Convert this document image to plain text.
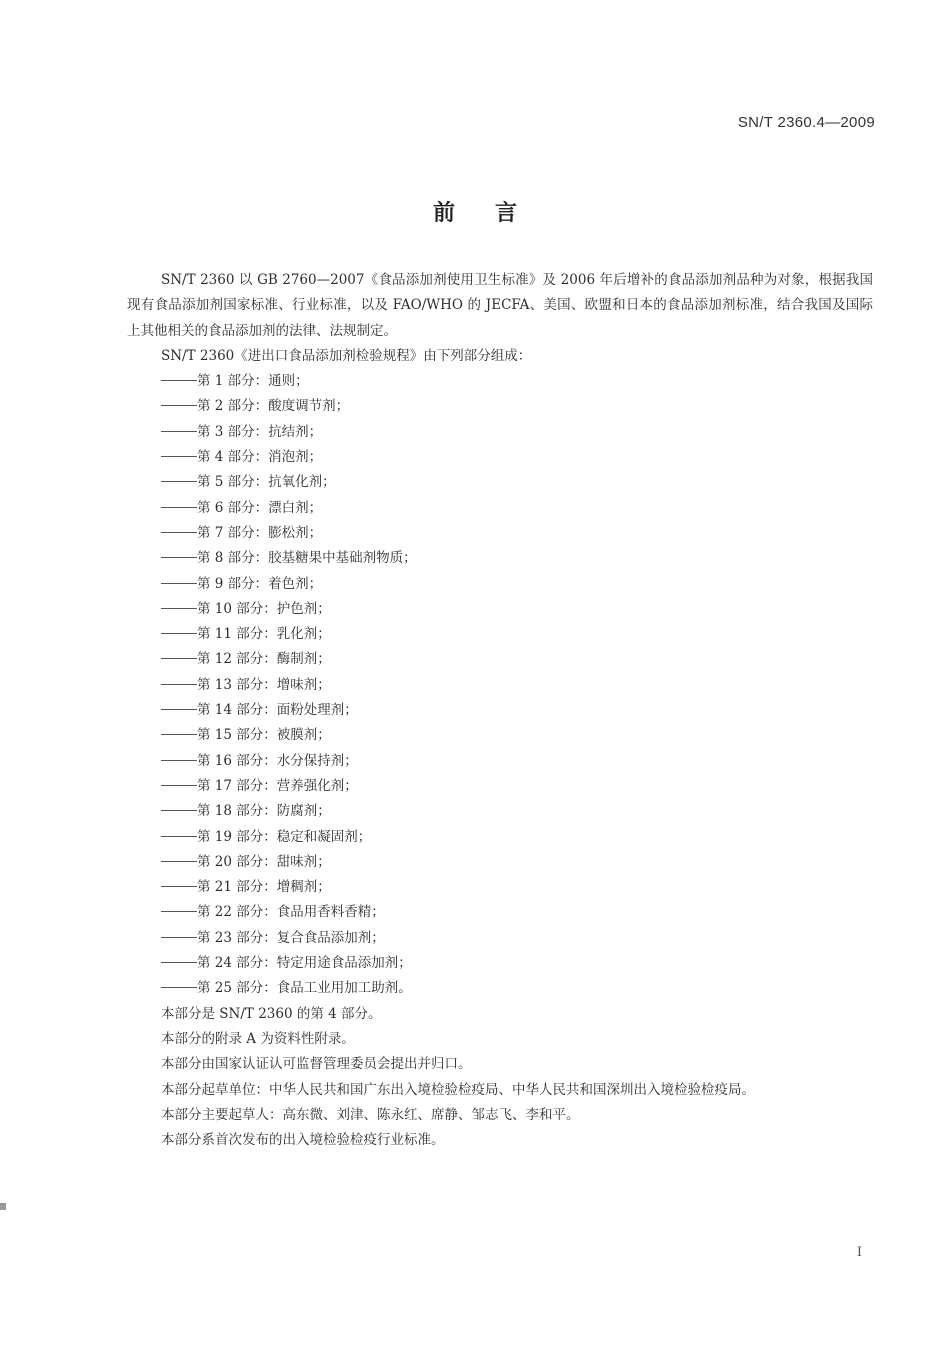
SN/T 2360.4—2009
前言

SN/T 2360 以 GB 2760—2007《食品添加剂使用卫生标准》及 2006 年后增补的食品添加剂品种为对象，根据我国现有食品添加剂国家标准、行业标准，以及 FAO/WHO 的 JECFA、美国、欧盟和日本的食品添加剂标准，结合我国及国际上其他相关的食品添加剂的法律、法规制定。

SN/T 2360《进出口食品添加剂检验规程》由下列部分组成：

第 1 部分：通则；
第 2 部分：酸度调节剂；
第 3 部分：抗结剂；
第 4 部分：消泡剂；
第 5 部分：抗氧化剂；
第 6 部分：漂白剂；
第 7 部分：膨松剂；
第 8 部分：胶基糖果中基础剂物质；
第 9 部分：着色剂；
第 10 部分：护色剂；
第 11 部分：乳化剂；
第 12 部分：酶制剂；
第 13 部分：增味剂；
第 14 部分：面粉处理剂；
第 15 部分：被膜剂；
第 16 部分：水分保持剂；
第 17 部分：营养强化剂；
第 18 部分：防腐剂；
第 19 部分：稳定和凝固剂；
第 20 部分：甜味剂；
第 21 部分：增稠剂；
第 22 部分：食品用香料香精；
第 23 部分：复合食品添加剂；
第 24 部分：特定用途食品添加剂；
第 25 部分：食品工业用加工助剂。

本部分是 SN/T 2360 的第 4 部分。

本部分的附录 A 为资料性附录。

本部分由国家认证认可监督管理委员会提出并归口。

本部分起草单位：中华人民共和国广东出入境检验检疫局、中华人民共和国深圳出入境检验检疫局。

本部分主要起草人：高东微、刘津、陈永红、席静、邹志飞、李和平。

本部分系首次发布的出入境检验检疫行业标准。

I
